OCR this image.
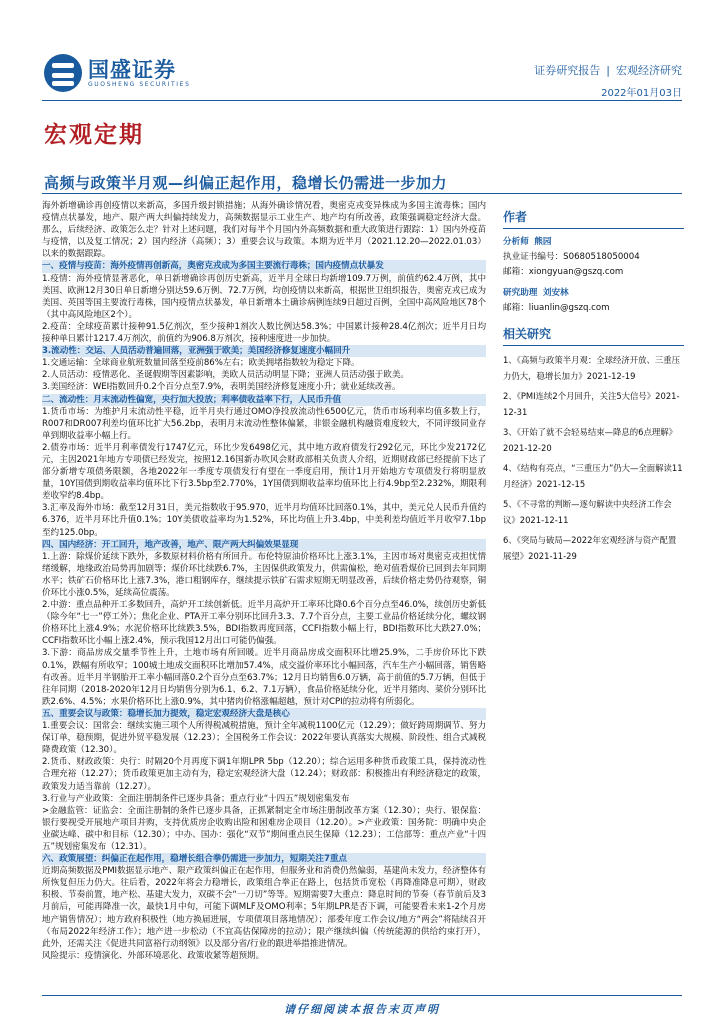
国盛证券
GUOSHENG SECURITIES
证券研究报告 | 宏观经济研究
2022年01月03日
宏观定期
高频与政策半月观—纠偏正起作用，稳增长仍需进一步加力

海外新增确诊再创疫情以来新高，多国升级封锁措施；从海外确诊情况看，奥密克戎变异株成为多国主流毒株；国内疫情点状暴发，地产、限产两大纠偏持续发力，高频数据显示工业生产、地产均有所改善，政策强调稳定经济大盘。那么，后续经济、政策怎么走？针对上述问题，我们对每半个月国内外高频数据和重大政策进行跟踪：1）国内外疫苗与疫情，以及复工情况；2）国内经济（高频）；3）重要会议与政策。本期为近半月（2021.12.20—2022.01.03）以来的数据跟踪。

一、疫情与疫苗：海外疫情再创新高，奥密克戎成为多国主要流行毒株；国内疫情点状暴发

1.疫情：海外疫情显著恶化，单日新增确诊再创历史新高，近半月全球日均新增109.7万例，前值约62.4万例，其中美国、欧洲12月30日单日新增分别达59.6万例、72.7万例，均创疫情以来新高，根据世卫组织报告，奥密克戎已成为美国、英国等国主要流行毒株，国内疫情点状暴发，单日新增本土确诊病例连续9日超过百例，全国中高风险地区78个（其中高风险地区2个）。

2.疫苗：全球疫苗累计接种91.5亿剂次，至少接种1剂次人数比例达58.3%；中国累计接种28.4亿剂次；近半月日均接种单日累计1217.4万剂次，前值约为906.8万剂次，接种速度进一步加快。

3.流动性：交运、人员活动普遍回落，亚洲强于欧美；美国经济修复速度小幅回升

1.交通运输：全球商业航班数量回落至疫前86%左右；欧美拥堵指数较为稳定下降。

2.人员活动：疫情恶化、圣诞假期等因素影响，美欧人员活动明显下降；亚洲人员活动强于欧美。

3.美国经济：WEI指数回升0.2个百分点至7.9%，表明美国经济修复速度小升；就业延续改善。

二、流动性：月末流动性偏宽，央行加大投放；利率债收益率下行，人民币升值

1.货币市场：为维护月末流动性平稳，近半月央行通过OMO净投放流动性6500亿元，货币市场利率均值多数上行，R007和DR007利差均值环比扩大56.2bp，表明月末流动性整体偏紧，非银金融机构融资难度较大，不同评级同业存单到期收益率小幅上行。

2.债券市场：近半月利率债发行1747亿元，环比少发6498亿元，其中地方政府债发行292亿元，环比少发2172亿元，主因2021年地方专项债已经发完，按照12.16国新办吹风会财政部相关负责人介绍，近期财政部已经提前下达了部分新增专项债务限额，各地2022年一季度专项债发行有望在一季度启用，预计1月开始地方专项债发行将明显放量，10Y国债到期收益率均值环比下行3.5bp至2.770%，1Y国债到期收益率均值环比上行4.9bp至2.232%，期限利差收窄约8.4bp。

3.汇率及海外市场：截至12月31日，美元指数收于95.970，近半月均值环比回落0.1%，其中，美元兑人民币升值约6.376，近半月环比升值0.1%；10Y美债收益率均为1.52%，环比均值上升3.4bp，中美利差均值近半月收窄7.1bp至约125.0bp。

四、国内经济：开工回升，地产改善，地产、限产两大纠偏效果显现

1.上游：除煤价延续下跌外，多数原材料价格有所回升。布伦特原油价格环比上涨3.1%，主因市场对奥密克戎担忧情绪缓解，地缘政治局势再加剧等；煤价环比续跌6.7%，主因保供政策发力，供需偏松，绝对值看煤价已回到去年同期水平；铁矿石价格环比上涨7.3%，港口粗钢库存，继续提示铁矿石需求短期无明显改善，后续价格走势仍待观察，铜价环比小涨0.5%，延续高位震荡。

2.中游：重点品种开工多数回升，高炉开工续创新低。近半月高炉开工率环比降0.6个百分点至46.0%，续创历史新低（除今年“七一”停工外）；焦化企业、PTA开工率分别环比回升3.3、7.7个百分点，主要工业品价格延续分化，螺纹钢价格环比上涨4.9%；水泥价格环比续跌3.5%，BDI指数再度回落，CCFI指数小幅上行，BDI指数环比大跌27.0%；CCFI指数环比小幅上涨2.4%，预示我国12月出口可能仍偏强。

3.下游：商品房成交量季节性上升，土地市场有所回暖。近半月商品房成交面积环比增25.9%，二手房价环比下跌0.1%，跌幅有所收窄；100城土地成交面积环比增加57.4%，成交溢价率环比小幅回落，汽车生产小幅回落，销售略有改善。近半月半钢胎开工率小幅回落0.2个百分点至63.7%；12月日均销售6.0万辆，高于前值的5.7万辆，但低于往年同期（2018-2020年12月日均销售分别为6.1、6.2、7.1万辆），食品价格延续分化，近半月猪肉、菜价分别环比跌2.6%、4.5%；水果价格环比上涨0.9%，其中猪肉价格涨幅超越，预计对CPI的拉动将有所弱化。

五、重要会议与政策：稳增长加力提效，稳定宏观经济大盘是核心

1.重要会议：国常会：继续实施三项个人所得税减税措施，预计全年减税1100亿元（12.29）；做好跨周期调节、努力保订单，稳预期，促进外贸平稳发展（12.23）；全国税务工作会议：2022年要认真落实大规模、阶段性、组合式减税降费政策（12.30）。

2.货币、财政政策：央行：时隔20个月再度下调1年期LPR 5bp（12.20）；综合运用多种货币政策工具，保持流动性合理充裕（12.27）；货币政策更加主动有为，稳定宏观经济大盘（12.24）；财政部：积极推出有利经济稳定的政策，政策发力适当靠前（12.27）。

3.行业与产业政策：全面注册制条件已逐步具备；重点行业“十四五”规划密集发布

>金融监管：证监会：全面注册制的条件已逐步具备，正抓紧制定全市场注册制改革方案（12.30）；央行、银保监：银行要视受开展地产项目并购，支持优质房企收购出险和困难房企项目（12.20）。>产业政策：国务院：明确中央企业碳达峰、碳中和目标（12.30）；中办、国办：强化“双节”期间重点民生保障（12.23）；工信部等：重点产业“十四五”规划密集发布（12.31）。

六、政策展望：纠偏正在起作用，稳增长组合拳仍需进一步加力，短期关注7重点

近期高频数据及PMI数据显示地产、限产政策纠偏正在起作用，但服务业和消费仍然偏弱，基建尚未发力，经济整体有所恢复但压力仍大。往后看，2022年将会力稳增长，政策组合拳正在路上，包括货币宽松（再降准降息可期），财政积极、节奏前置，地产松、基建大发力，双碳不会“一刀切”等等。短期需要7大重点：降息时间的节奏（春节前后及3月前后，可能再降准一次，最快1月中旬，可能下调MLF及OMO利率；5年期LPR是否下调，可能要看未来1-2个月房地产销售情况）；地方政府积极性（地方换届进展，专项债项目落地情况）；部委年度工作会议/地方“两会”将陆续召开（布局2022年经济工作）；地产进一步松动（不宜高估保障房的拉动）；限产继续纠偏（传统能源的供给约束打开），此外，还需关注《促进共同富裕行动纲领》以及部分省/行业的跟进举措推进情况。

风险提示：疫情演化、外部环境恶化、政策收紧等超预期。

作者
分析师 熊园
执业证书编号：S0680518050004
邮箱：xiongyuan@gszq.com
研究助理 刘安林
邮箱：liuanlin@gszq.com
相关研究
1、《高频与政策半月观：全球经济开放、三重压力仍大，稳增长加力》2021-12-19
2、《PMI连续2个月回升，关注5大信号》2021-12-31
3、《开始了就不会轻易结束—降息的6点理解》2021-12-20
4、《结构有亮点，“三重压力”仍大—全面解读11月经济》2021-12-15
5、《不寻常的判断—逐句解读中央经济工作会议》2021-12-11
6、《突局与破局—2022年宏观经济与资产配置展望》2021-11-29
请仔细阅读本报告末页声明
